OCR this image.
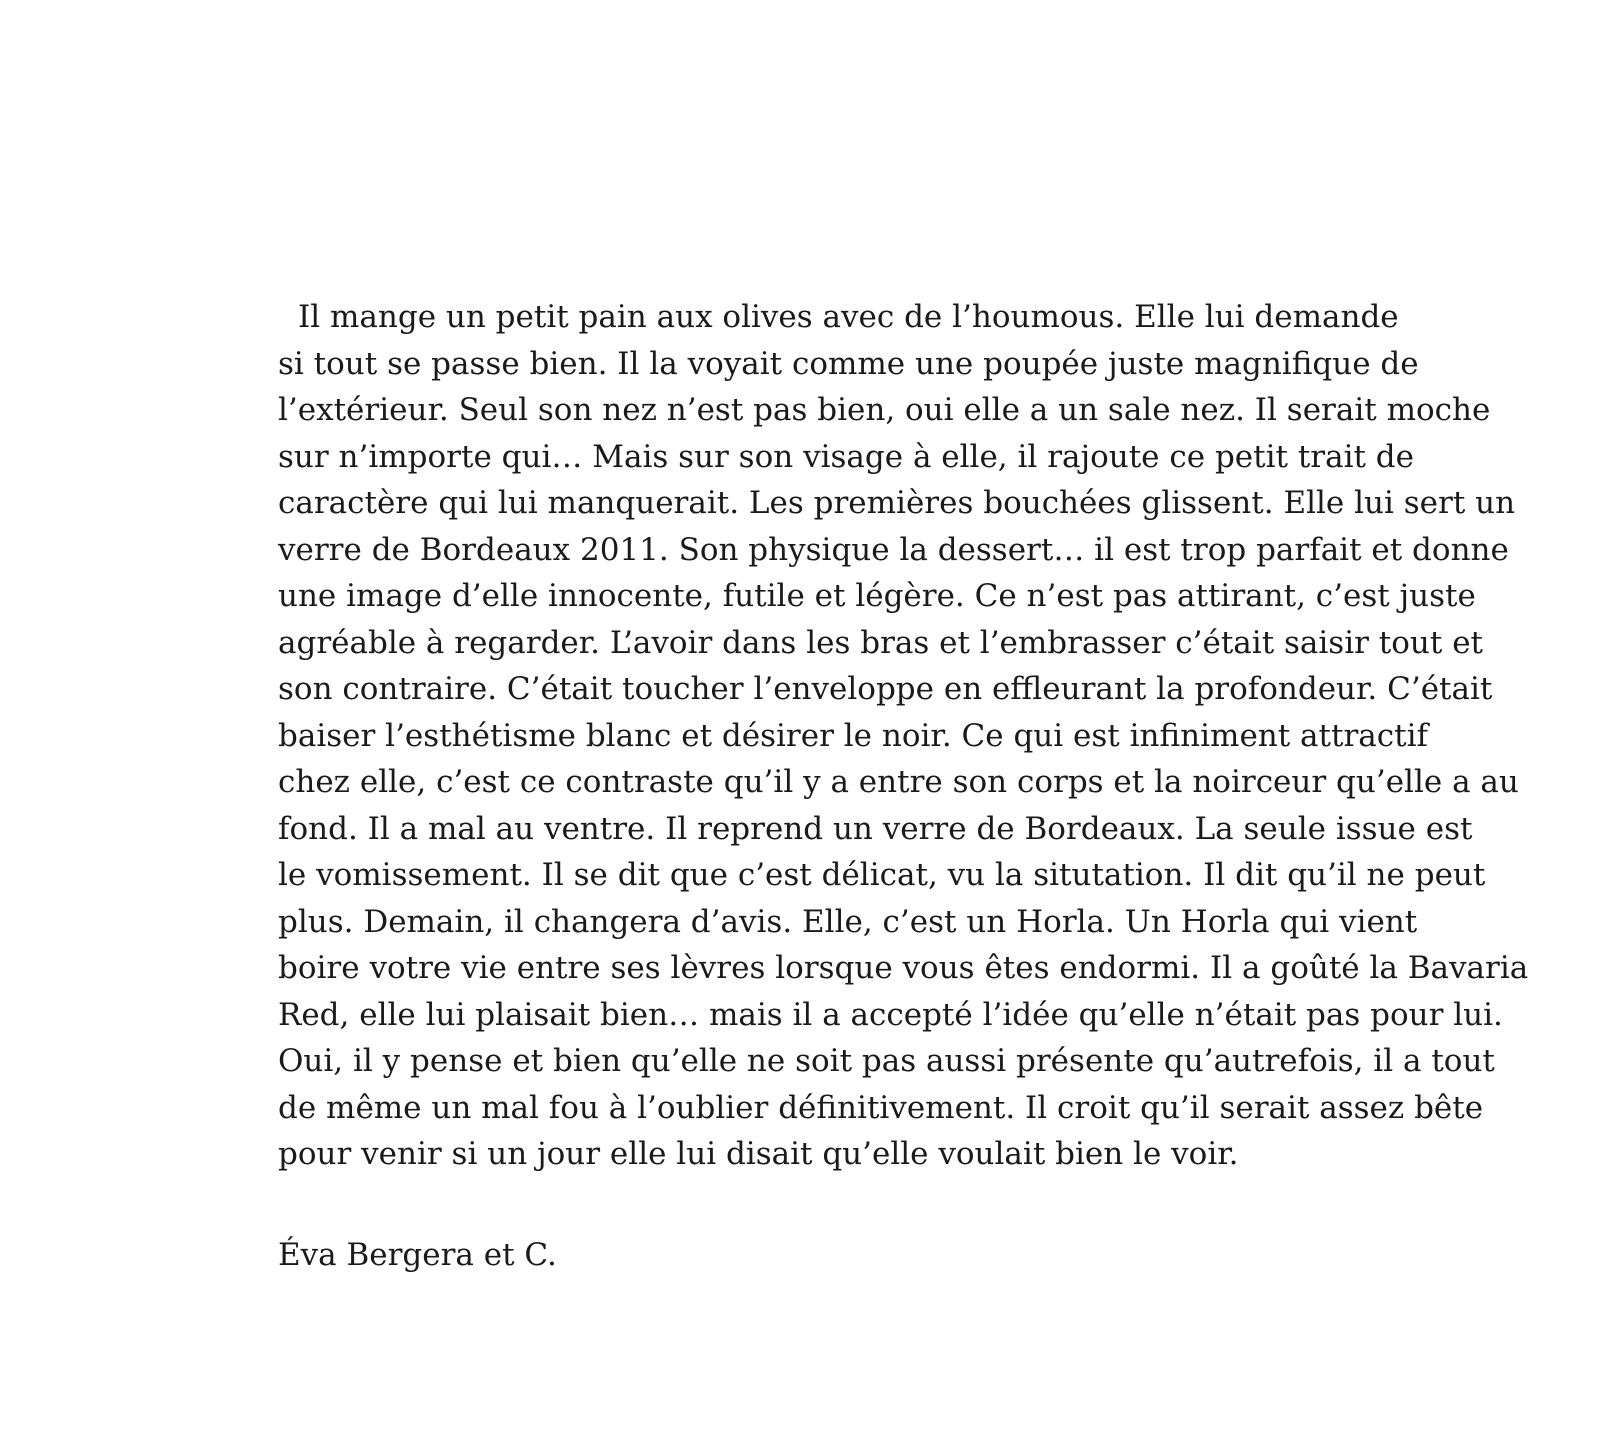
Il mange un petit pain aux olives avec de l’houmous. Elle lui demande
si tout se passe bien. Il la voyait comme une poupée juste magnifique de
l’extérieur. Seul son nez n’est pas bien, oui elle a un sale nez. Il serait moche
sur n’importe qui… Mais sur son visage à elle, il rajoute ce petit trait de
caractère qui lui manquerait. Les premières bouchées glissent. Elle lui sert un
verre de Bordeaux 2011. Son physique la dessert… il est trop parfait et donne
une image d’elle innocente, futile et légère. Ce n’est pas attirant, c’est juste
agréable à regarder. L’avoir dans les bras et l’embrasser c’était saisir tout et
son contraire. C’était toucher l’enveloppe en effleurant la profondeur. C’était
baiser l’esthétisme blanc et désirer le noir. Ce qui est infiniment attractif
chez elle, c’est ce contraste qu’il y a entre son corps et la noirceur qu’elle a au
fond. Il a mal au ventre. Il reprend un verre de Bordeaux. La seule issue est
le vomissement. Il se dit que c’est délicat, vu la situtation. Il dit qu’il ne peut
plus. Demain, il changera d’avis. Elle, c’est un Horla. Un Horla qui vient
boire votre vie entre ses lèvres lorsque vous êtes endormi. Il a goûté la Bavaria
Red, elle lui plaisait bien… mais il a accepté l’idée qu’elle n’était pas pour lui.
Oui, il y pense et bien qu’elle ne soit pas aussi présente qu’autrefois, il a tout
de même un mal fou à l’oublier définitivement. Il croit qu’il serait assez bête
pour venir si un jour elle lui disait qu’elle voulait bien le voir.
Éva Bergera et C.
